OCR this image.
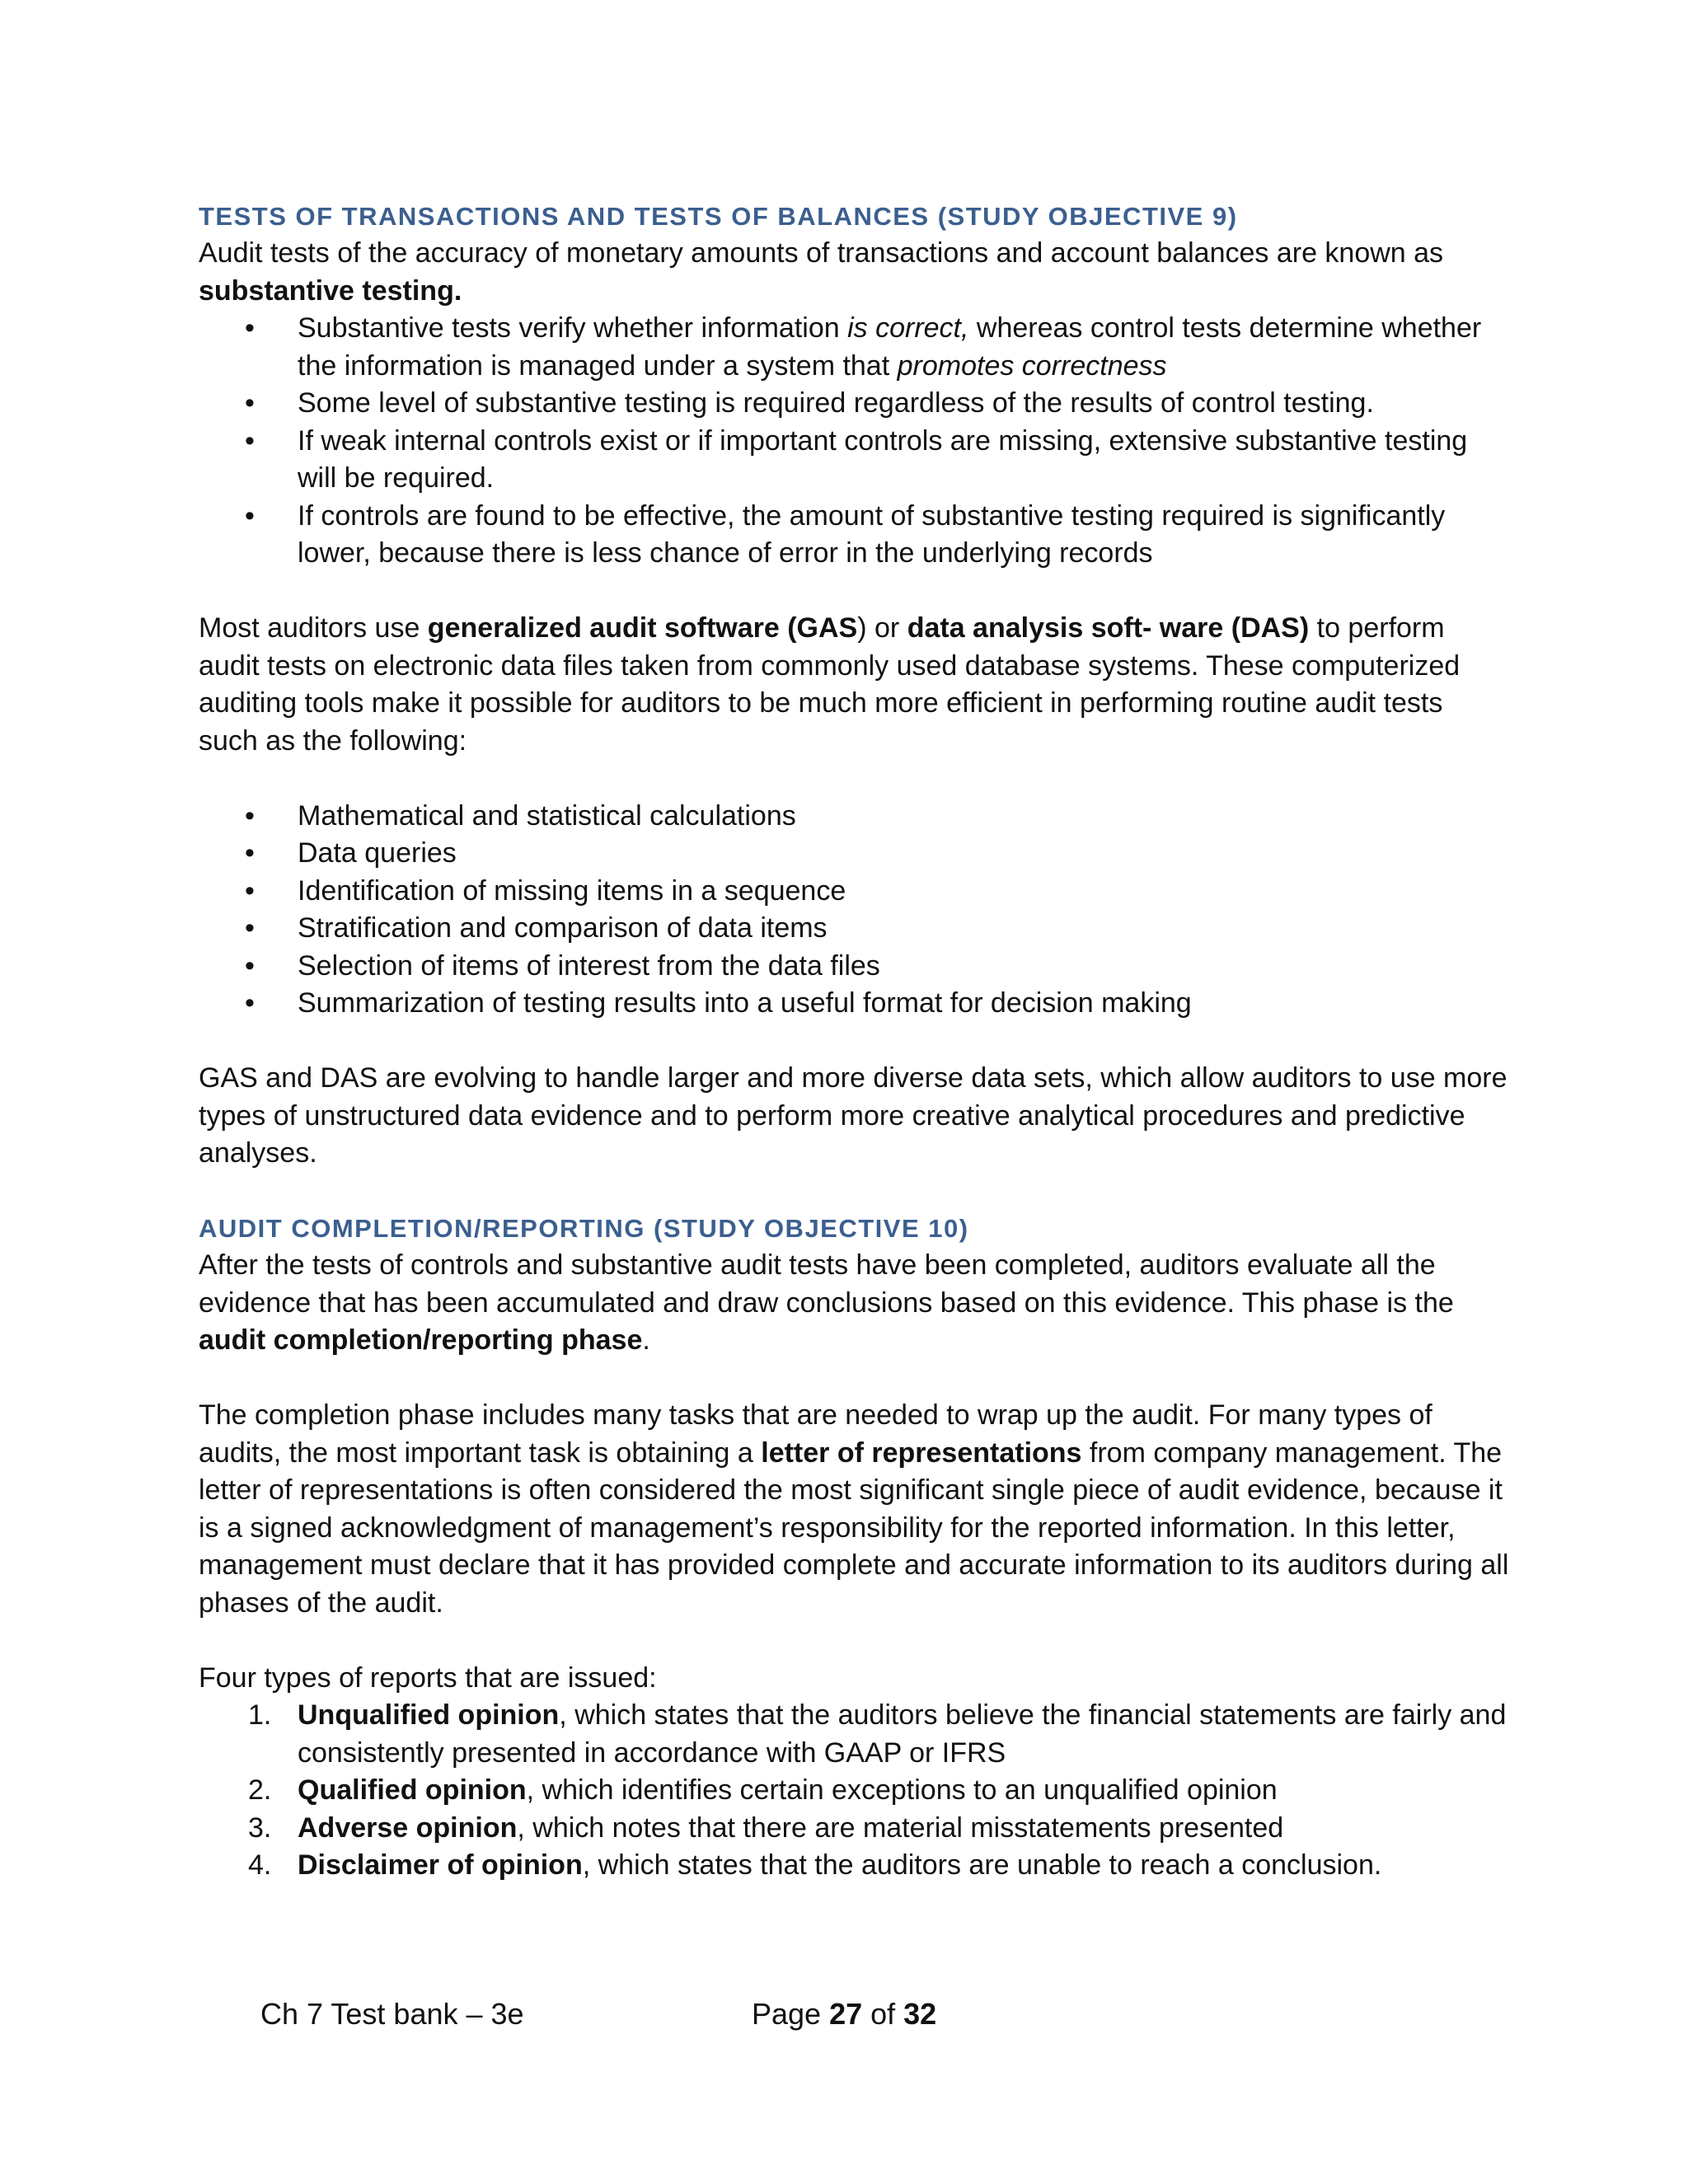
TESTS OF TRANSACTIONS AND TESTS OF BALANCES (STUDY OBJECTIVE 9)

Audit tests of the accuracy of monetary amounts of transactions and account balances are known as substantive testing.

• Substantive tests verify whether information is correct, whereas control tests determine whether the information is managed under a system that promotes correctness
• Some level of substantive testing is required regardless of the results of control testing.
• If weak internal controls exist or if important controls are missing, extensive substantive testing will be required.
• If controls are found to be effective, the amount of substantive testing required is significantly lower, because there is less chance of error in the underlying records

Most auditors use generalized audit software (GAS) or data analysis soft- ware (DAS) to perform audit tests on electronic data files taken from commonly used database systems. These computerized auditing tools make it possible for auditors to be much more efficient in performing routine audit tests such as the following:

• Mathematical and statistical calculations
• Data queries
• Identification of missing items in a sequence
• Stratification and comparison of data items
• Selection of items of interest from the data files
• Summarization of testing results into a useful format for decision making

GAS and DAS are evolving to handle larger and more diverse data sets, which allow auditors to use more types of unstructured data evidence and to perform more creative analytical procedures and predictive analyses.

AUDIT COMPLETION/REPORTING (STUDY OBJECTIVE 10)

After the tests of controls and substantive audit tests have been completed, auditors evaluate all the evidence that has been accumulated and draw conclusions based on this evidence. This phase is the audit completion/reporting phase.

The completion phase includes many tasks that are needed to wrap up the audit. For many types of audits, the most important task is obtaining a letter of representations from company management. The letter of representations is often considered the most significant single piece of audit evidence, because it is a signed acknowledgment of management’s responsibility for the reported information. In this letter, management must declare that it has provided complete and accurate information to its auditors during all phases of the audit.

Four types of reports that are issued:

1. Unqualified opinion, which states that the auditors believe the financial statements are fairly and consistently presented in accordance with GAAP or IFRS
2. Qualified opinion, which identifies certain exceptions to an unqualified opinion
3. Adverse opinion, which notes that there are material misstatements presented
4. Disclaimer of opinion, which states that the auditors are unable to reach a conclusion.
Ch 7 Test bank – 3e	Page 27 of 32
